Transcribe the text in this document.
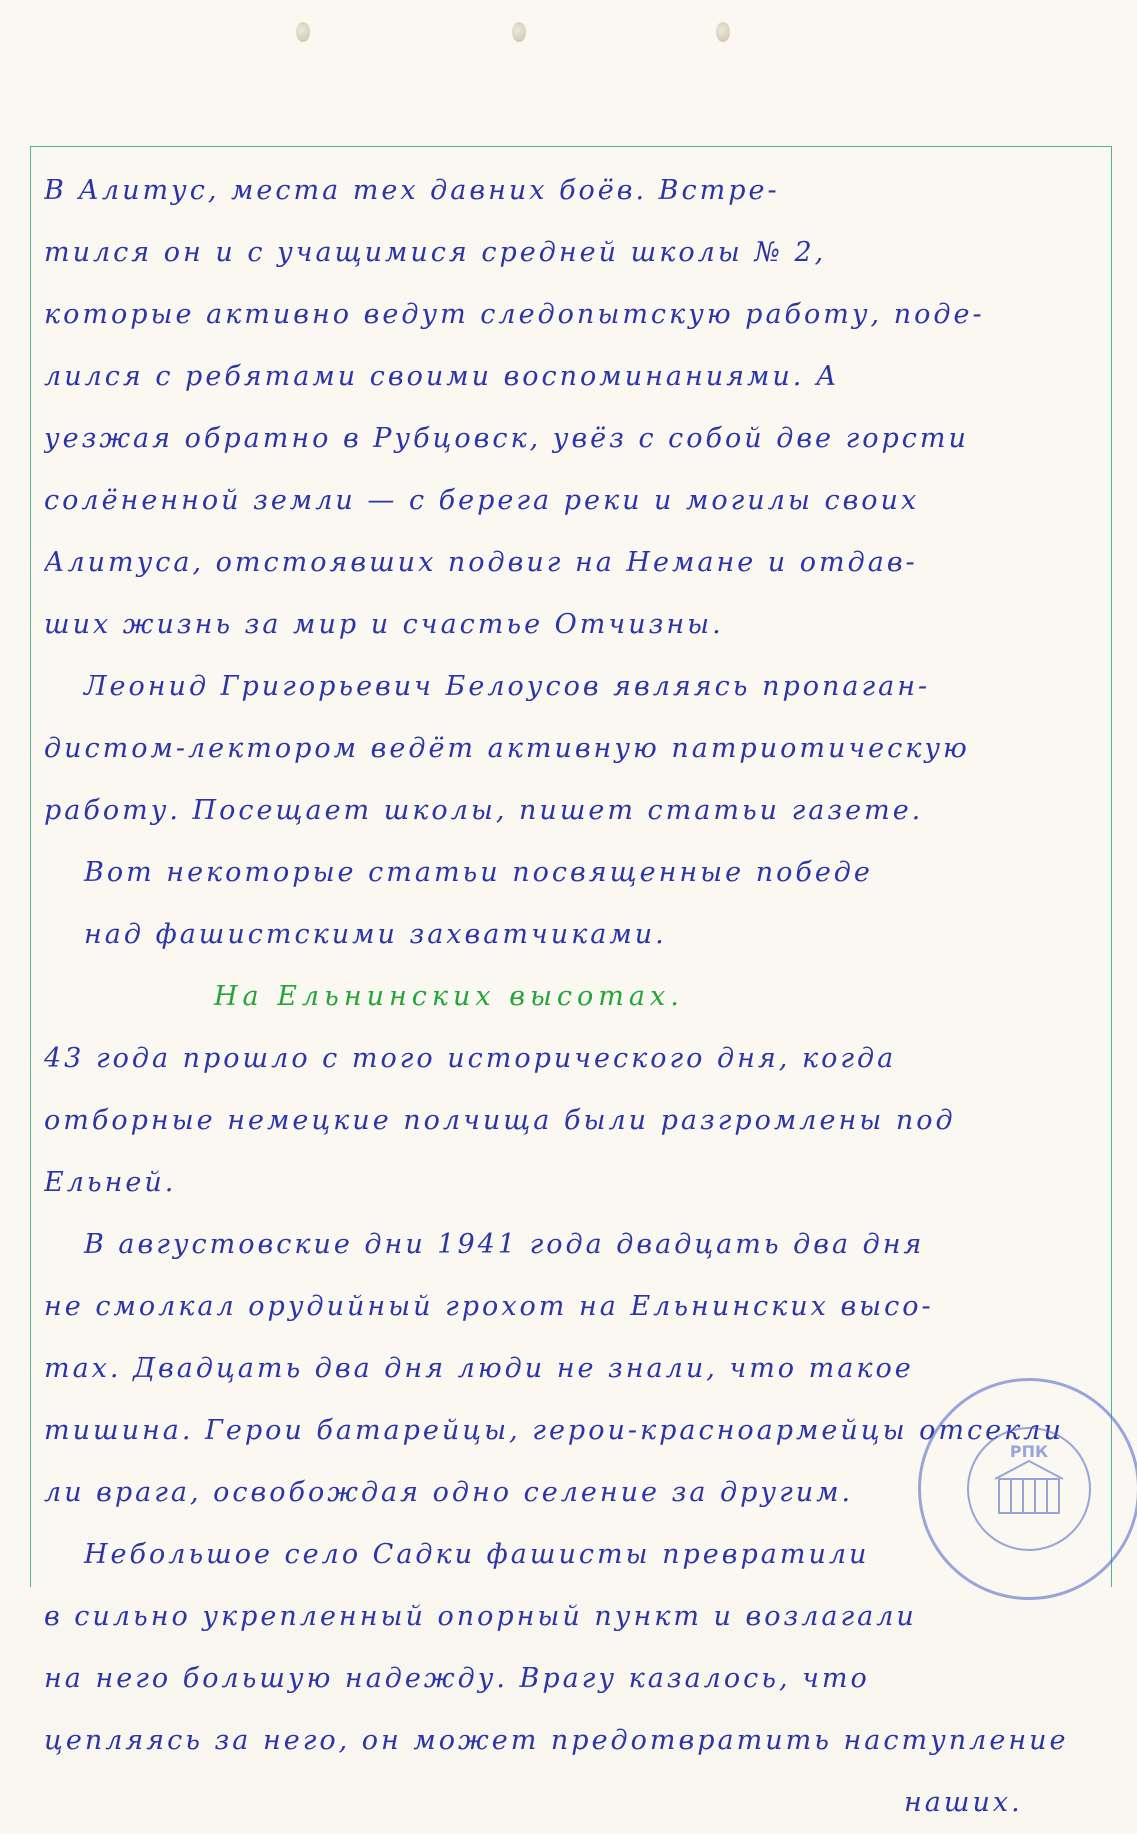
В Алитус, места тех давних боёв. Встре-
тился он и с учащимися средней школы № 2,
которые активно ведут следопытскую работу, поде-
лился с ребятами своими воспоминаниями. А
уезжая обратно в Рубцовск, увёз с собой две горсти
солёненной земли — с берега реки и могилы своих
Алитуса, отстоявших подвиг на Немане и отдав-
ших жизнь за мир и счастье Отчизны.
Леонид Григорьевич Белоусов являясь пропаган-
дистом-лектором ведёт активную патриотическую
работу. Посещает школы, пишет статьи газете.
Вот некоторые статьи посвященные победе
над фашистскими захватчиками.
На Ельнинских высотах.
43 года прошло с того исторического дня, когда
отборные немецкие полчища были разгромлены под
Ельней.
В августовские дни 1941 года двадцать два дня
не смолкал орудийный грохот на Ельнинских высо-
тах. Двадцать два дня люди не знали, что такое
тишина. Герои батарейцы, герои-красноармейцы отсекли
ли врага, освобождая одно селение за другим.
Небольшое село Садки фашисты превратили
в сильно укрепленный опорный пункт и возлагали
на него большую надежду. Врагу казалось, что
цепляясь за него, он может предотвратить наступление
наших.
РПК
